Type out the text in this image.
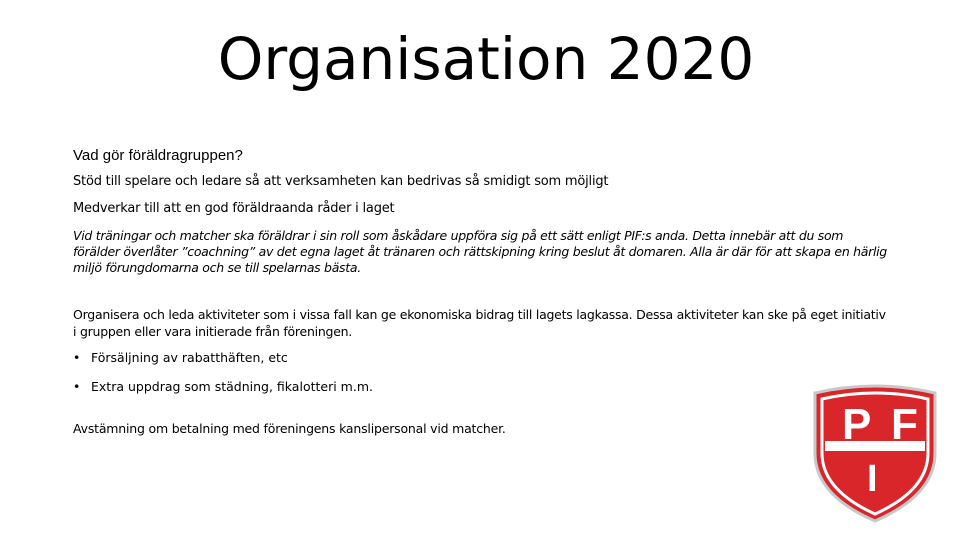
Organisation 2020
Vad gör föräldragruppen?
Stöd till spelare och ledare så att verksamheten kan bedrivas så smidigt som möjligt
Medverkar till att en god föräldraanda råder i laget
Vid träningar och matcher ska föräldrar i sin roll som åskådare uppföra sig på ett sätt enligt PIF:s anda. Detta innebär att du som förälder överlåter ”coachning” av det egna laget åt tränaren och rättskipning kring beslut åt domaren. Alla är där för att skapa en härlig miljö förungdomarna och se till spelarnas bästa.
Organisera och leda aktiviteter som i vissa fall kan ge ekonomiska bidrag till lagets lagkassa. Dessa aktiviteter kan ske på eget initiativ i gruppen eller vara initierade från föreningen.
• Försäljning av rabatthäften, etc
• Extra uppdrag som städning, fikalotteri m.m.
Avstämning om betalning med föreningens kanslipersonal vid matcher.	P F
I
